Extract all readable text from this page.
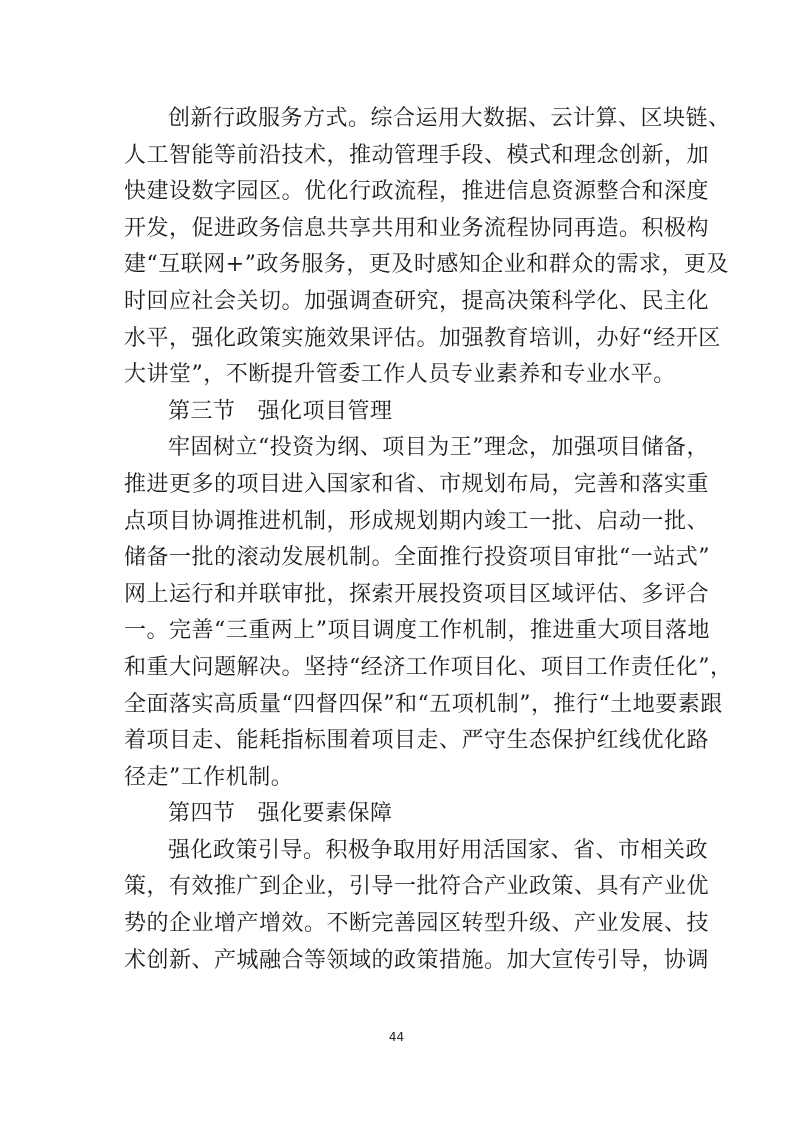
创新行政服务方式。综合运用大数据、云计算、区块链、
人工智能等前沿技术，推动管理手段、模式和理念创新，加
快建设数字园区。优化行政流程，推进信息资源整合和深度
开发，促进政务信息共享共用和业务流程协同再造。积极构
建“互联网+”政务服务，更及时感知企业和群众的需求，更及
时回应社会关切。加强调查研究，提高决策科学化、民主化
水平，强化政策实施效果评估。加强教育培训，办好“经开区
大讲堂”，不断提升管委工作人员专业素养和专业水平。
第三节 强化项目管理
牢固树立“投资为纲、项目为王”理念，加强项目储备，
推进更多的项目进入国家和省、市规划布局，完善和落实重
点项目协调推进机制，形成规划期内竣工一批、启动一批、
储备一批的滚动发展机制。全面推行投资项目审批“一站式”
网上运行和并联审批，探索开展投资项目区域评估、多评合
一。完善“三重两上”项目调度工作机制，推进重大项目落地
和重大问题解决。坚持“经济工作项目化、项目工作责任化”，
全面落实高质量“四督四保”和“五项机制”，推行“土地要素跟
着项目走、能耗指标围着项目走、严守生态保护红线优化路
径走”工作机制。
第四节 强化要素保障
强化政策引导。积极争取用好用活国家、省、市相关政
策，有效推广到企业，引导一批符合产业政策、具有产业优
势的企业增产增效。不断完善园区转型升级、产业发展、技
术创新、产城融合等领域的政策措施。加大宣传引导，协调
44
